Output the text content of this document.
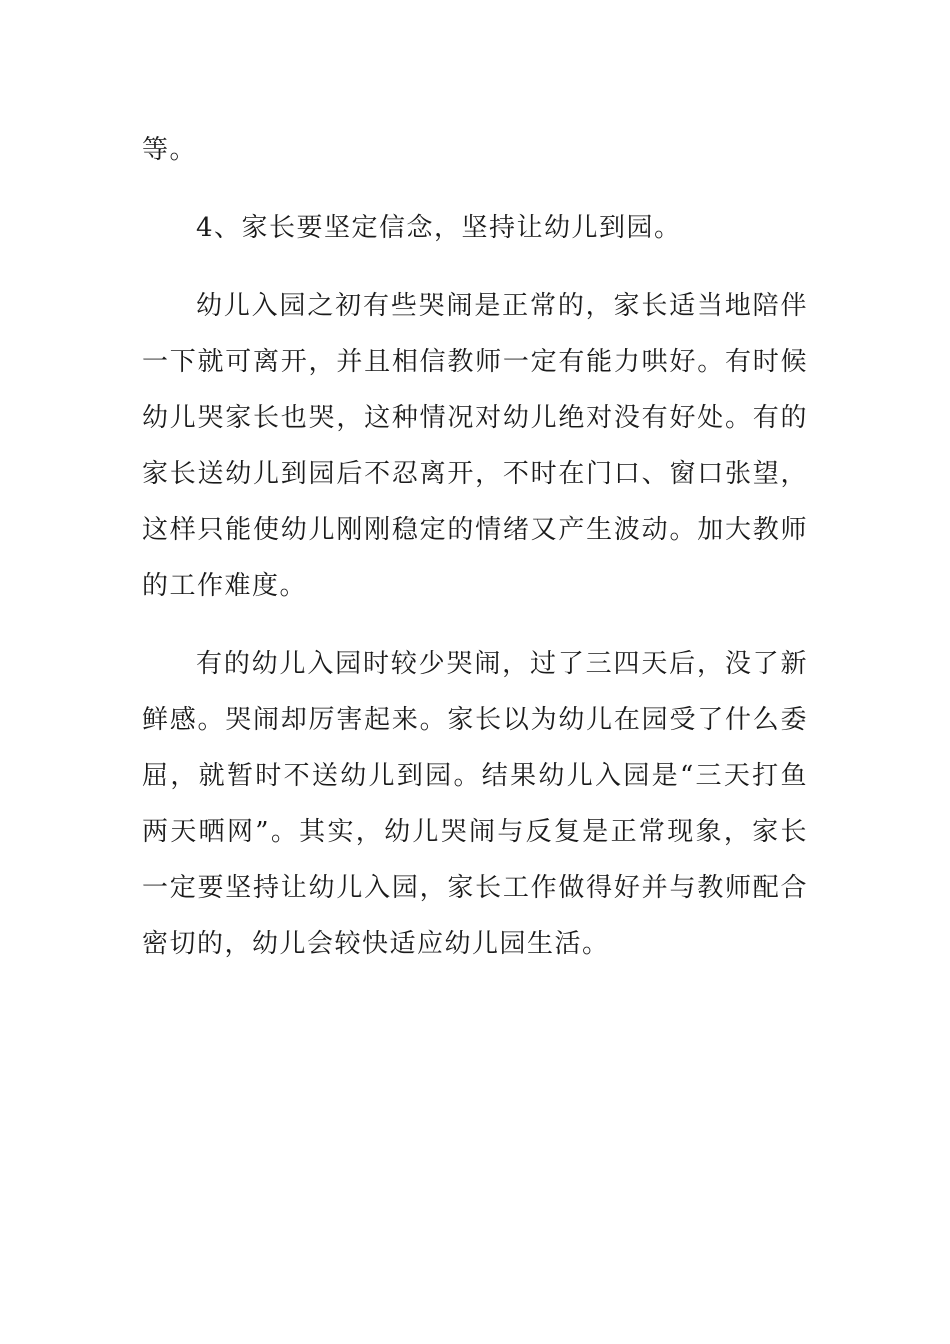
等。

4、家长要坚定信念，坚持让幼儿到园。

幼儿入园之初有些哭闹是正常的，家长适当地陪伴一下就可离开，并且相信教师一定有能力哄好。有时候幼儿哭家长也哭，这种情况对幼儿绝对没有好处。有的家长送幼儿到园后不忍离开，不时在门口、窗口张望，这样只能使幼儿刚刚稳定的情绪又产生波动。加大教师的工作难度。

有的幼儿入园时较少哭闹，过了三四天后，没了新鲜感。哭闹却厉害起来。家长以为幼儿在园受了什么委屈，就暂时不送幼儿到园。结果幼儿入园是“三天打鱼两天晒网”。其实，幼儿哭闹与反复是正常现象，家长一定要坚持让幼儿入园，家长工作做得好并与教师配合密切的，幼儿会较快适应幼儿园生活。
